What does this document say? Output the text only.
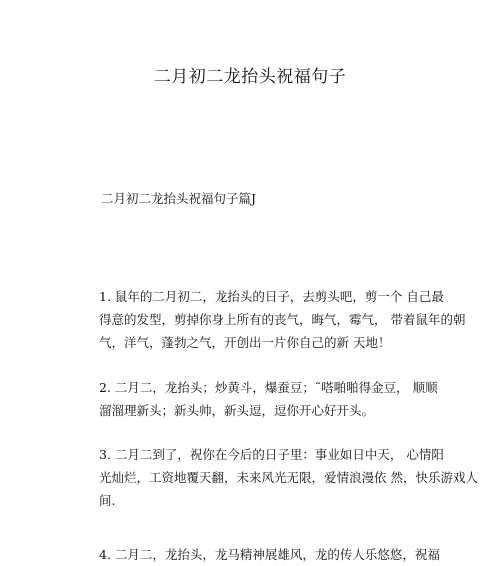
二月初二龙抬头祝福句子
二月初二龙抬头祝福句子篇J
1. 鼠年的二月初二，龙抬头的日子，去剪头吧，剪一个 自己最
得意的发型，剪掉你身上所有的丧气，晦气，霉气， 带着鼠年的朝
气，洋气，蓬勃之气，开创出一片你自己的新 天地！
2. 二月二，龙抬头；炒黄斗，爆蚕豆；˜嗒啪啪得金豆， 顺顺
溜溜理新头；新头帅，新头逗，逗你开心好开头。
3. 二月二到了，祝你在今后的日子里：事业如日中天， 心情阳
光灿烂，工资地覆天翻，未来风光无限，爱情浪漫依 然，快乐游戏人
间.
4. 二月二，龙抬头，龙马精神展雄风，龙的传人乐悠悠，祝福
